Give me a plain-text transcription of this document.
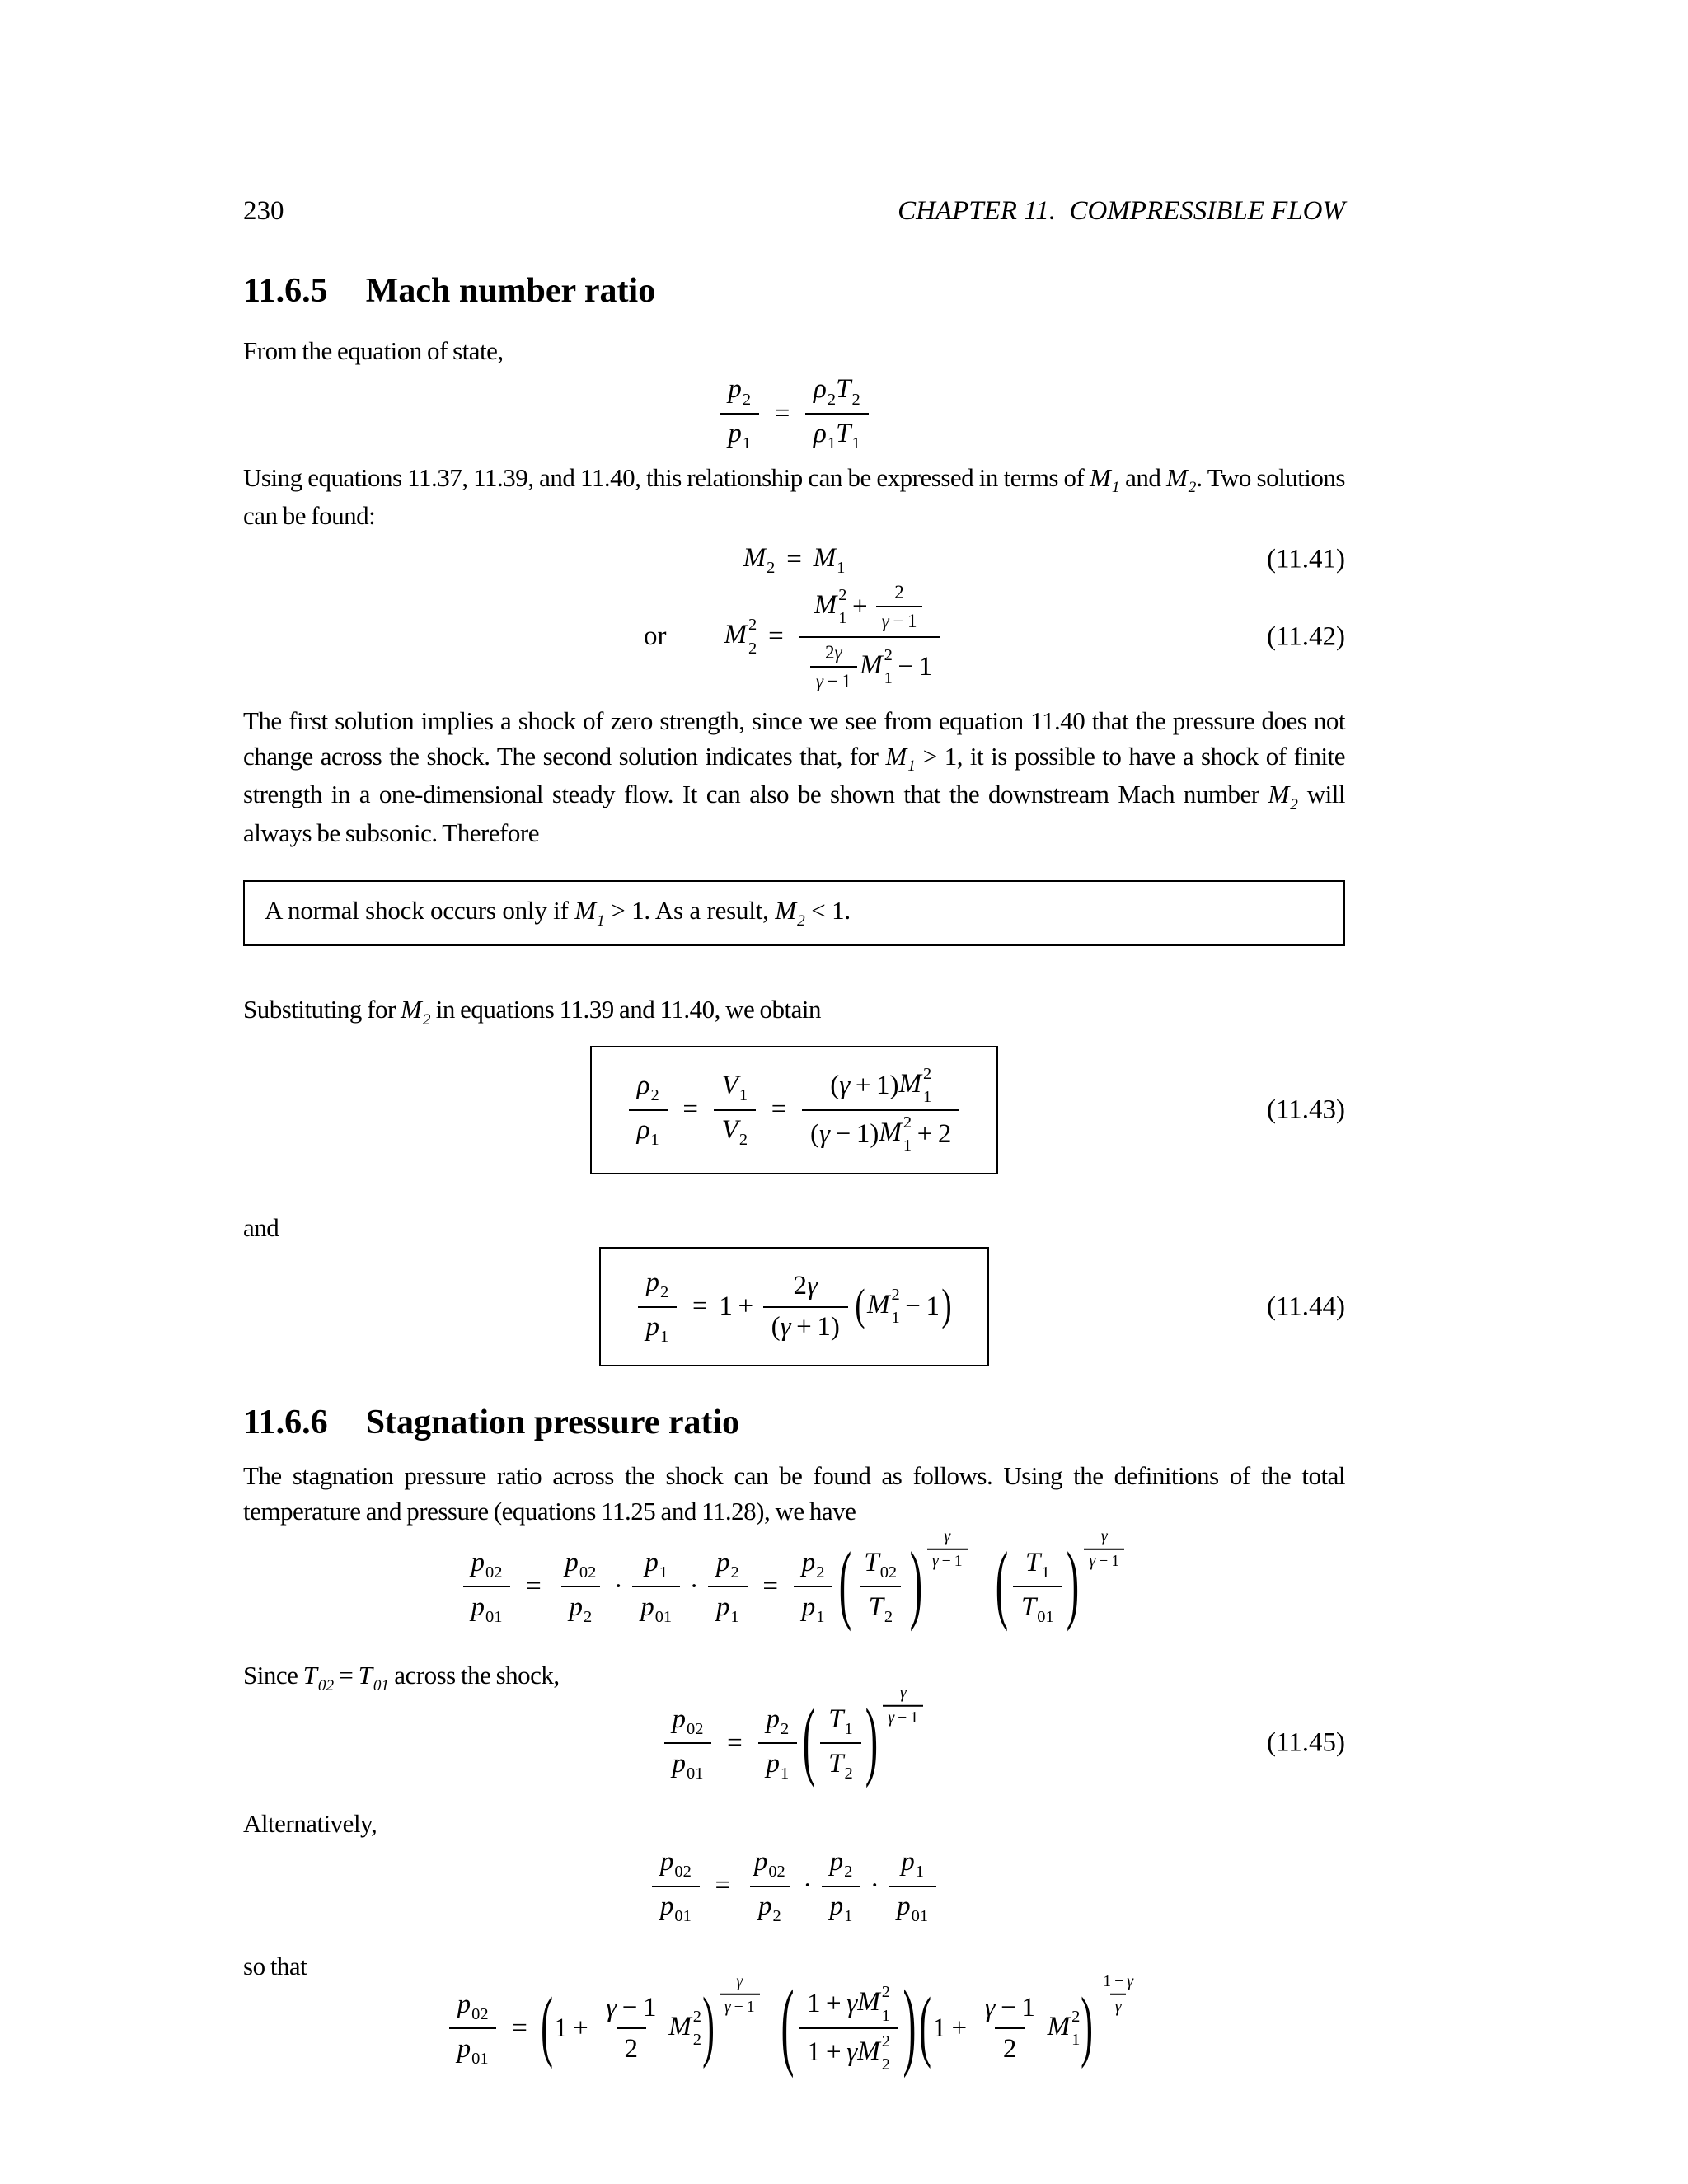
230	CHAPTER 11. COMPRESSIBLE FLOW
11.6.5 Mach number ratio

From the equation of state,

$\frac{p_2}{p_1} = \frac{\rho_2 T_2}{\rho_1 T_1}$

Using equations 11.37, 11.39, and 11.40, this relationship can be expressed in terms of $M_1$ and $M_2$. Two solutions can be found:

$M_2 = M_1$	(11.41)
or M 2
2 = M 2
$1 + \frac{2}{\gamma - 1}$
$\frac{2 \gamma}{\gamma - 1}$ M 2
1 − 1	(11.42)

The first solution implies a shock of zero strength, since we see from equation 11.40 that the pressure does not change across the shock. The second solution indicates that, for $M_1 > 1$, it is possible to have a shock of finite strength in a one-dimensional steady flow. It can also be shown that the downstream Mach number $M_2$ will always be subsonic. Therefore

A normal shock occurs only if $M_1 > 1$. As a result, $M_2 < 1$.

Substituting for $M_2$ in equations 11.39 and 11.40, we obtain

$\frac{\rho_2}{\rho_1} = \frac{V_1}{V_2}$ = ( γ + 1) M 2
1
( γ − 1) M 2
1 + 2	(11.43)

and

$\frac{p_2}{p_1} = 1 + \frac{2 \gamma}{( \gamma + 1)}$ ( M 2
1 − 1 )	(11.44)
11.6.6 Stagnation pressure ratio

The stagnation pressure ratio across the shock can be found as follows. Using the definitions of the total temperature and pressure (equations 11.25 and 11.28), we have

$\frac{p_{02}}{p_{01}} = \frac{p_{02}}{p_2} \cdot \frac{p_1}{p_{01}} \cdot \frac{p_2}{p_1} = \frac{p_2}{p_1}$ ( $\frac{T_{02}}{T_2}$ ) $\frac{\gamma}{\gamma - 1}$ ( $\frac{T_1}{T_{01}}$ ) $\frac{\gamma}{\gamma - 1}$

Since $T_{02} = T_{01}$ across the shock,

$\frac{p_{02}}{p_{01}} = \frac{p_2}{p_1}$ ( $\frac{T_1}{T_2}$ ) $\frac{\gamma}{\gamma - 1}$
(11.45)

Alternatively,

$\frac{p_{02}}{p_{01}} = \frac{p_{02}}{p_2} \cdot \frac{p_2}{p_1} \cdot \frac{p_1}{p_{01}}$

so that

$\frac{p_{02}}{p_{01}}$ = ( $1 + \frac{\gamma - 1}{2}$ M 2
2 ) $\frac{\gamma}{\gamma - 1}$ ( 1 + γ M 2
1
1 + γ M 2
2 ) ( $1 + \frac{\gamma - 1}{2}$ M 2
1 ) $\frac{1 - \gamma}{\gamma}$
